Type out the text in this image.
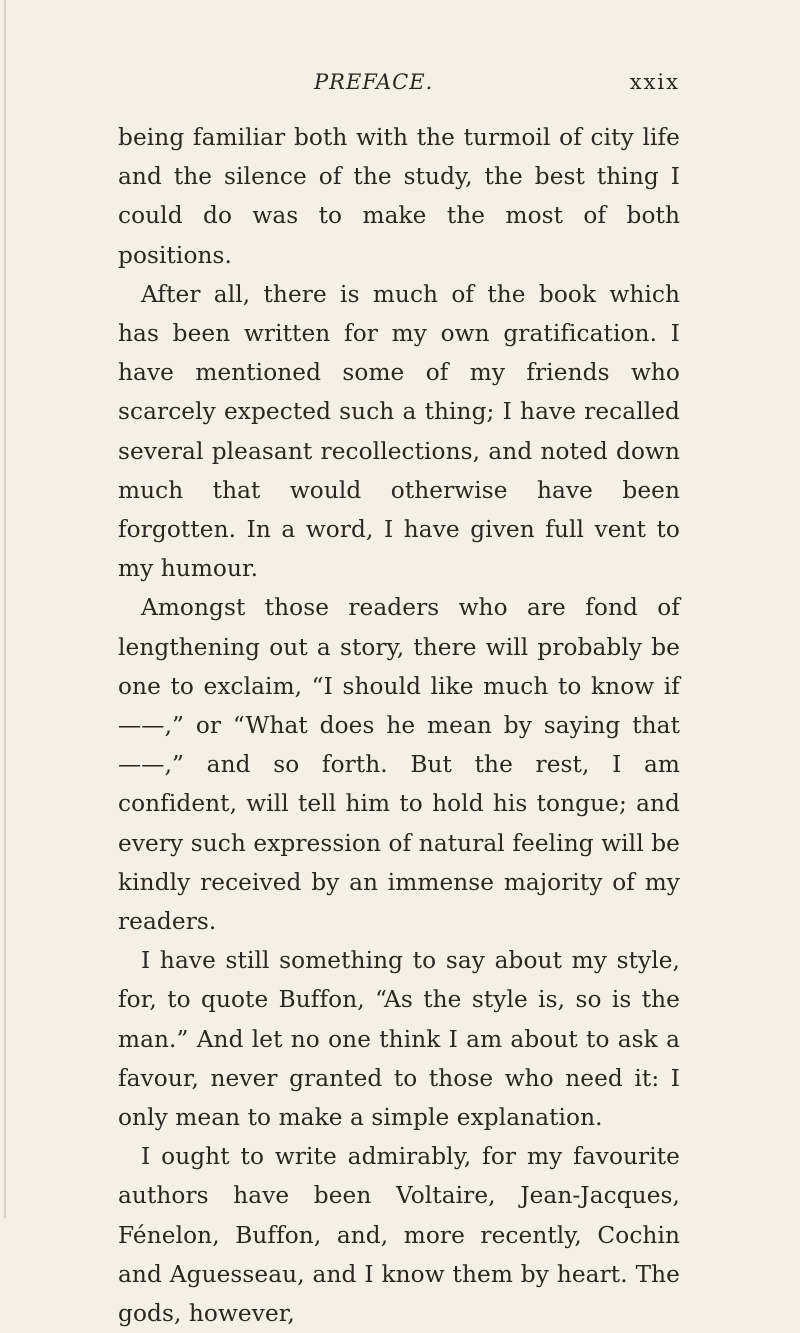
PREFACE.	xxix

being familiar both with the turmoil of city life and the silence of the study, the best thing I could do was to make the most of both positions.

After all, there is much of the book which has been written for my own gratification. I have mentioned some of my friends who scarcely expected such a thing; I have recalled several pleasant recollections, and noted down much that would otherwise have been forgotten. In a word, I have given full vent to my humour.

Amongst those readers who are fond of lengthening out a story, there will probably be one to exclaim, “I should like much to know if——,” or “What does he mean by saying that——,” and so forth. But the rest, I am confident, will tell him to hold his tongue; and every such expression of natural feeling will be kindly received by an immense majority of my readers.

I have still something to say about my style, for, to quote Buffon, “As the style is, so is the man.” And let no one think I am about to ask a favour, never granted to those who need it: I only mean to make a simple explanation.

I ought to write admirably, for my favourite authors have been Voltaire, Jean-Jacques, Fénelon, Buffon, and, more recently, Cochin and Aguesseau, and I know them by heart. The gods, however,
